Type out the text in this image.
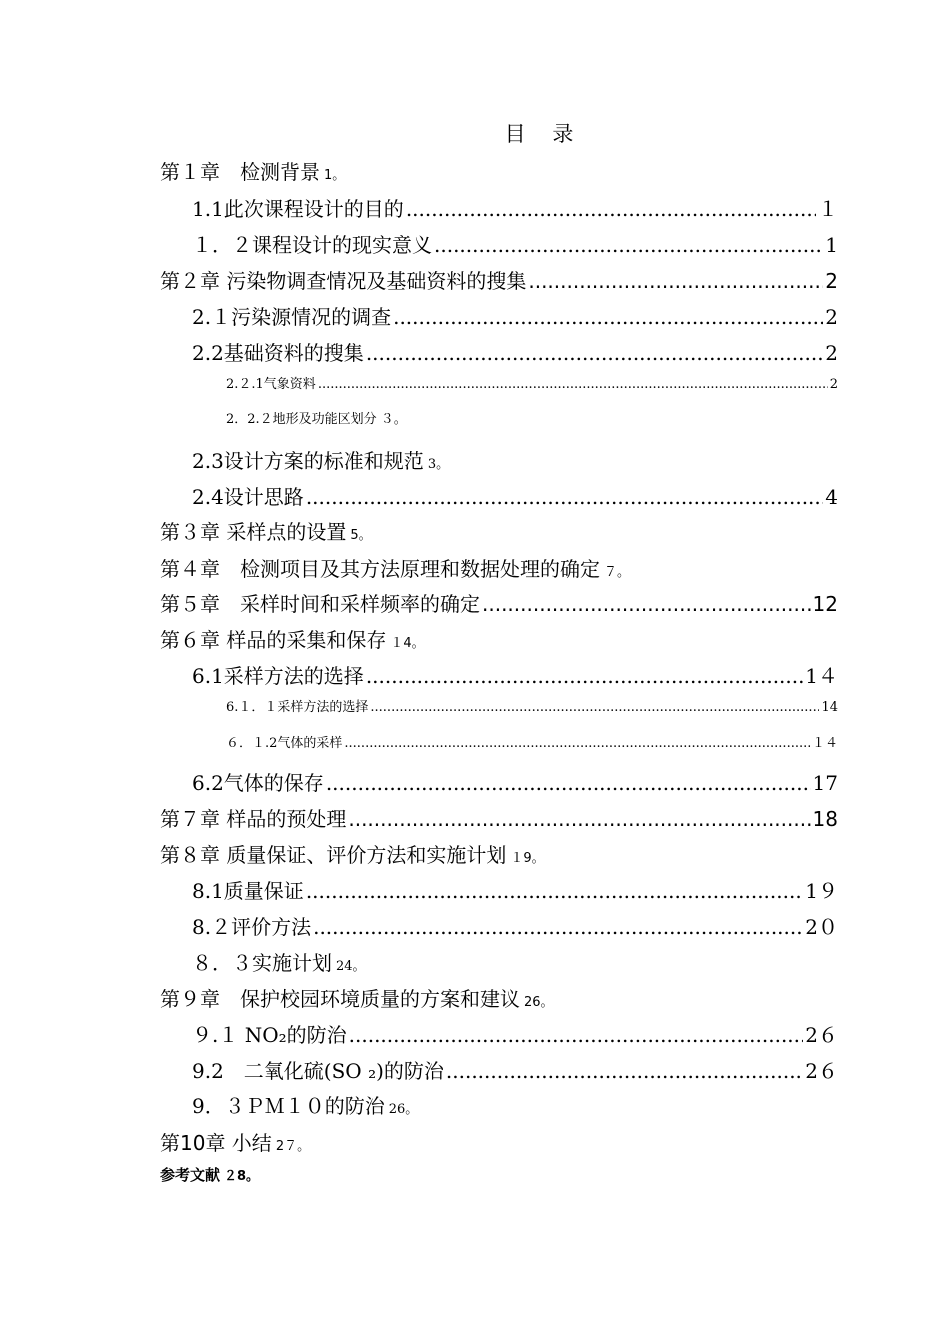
目 录
第１章　检测背景 1。
1.1此次课程设计的目的 .....	１
１．２课程设计的现实意义 .....	1
第２章 污染物调查情况及基础资料的搜集 .....	2
2.１污染源情况的调查 .....	2
2.2基础资料的搜集 .....	2
2.２.1气象资料 .....	2
2．2.２地形及功能区划分 ３。
2.3设计方案的标准和规范 3。
2.4设计思路 .....	4
第３章 采样点的设置 5。
第４章　检测项目及其方法原理和数据处理的确定 ７。
第５章　采样时间和采样频率的确定 .....	12
第６章 样品的采集和保存 １4。
6.1采样方法的选择 .....	1４
6.１．１采样方法的选择 .....	14
６．１.2气体的采样 .....	１４
6.2气体的保存 .....	17
第７章 样品的预处理 .....	18
第８章 质量保证、评价方法和实施计划 １9。
8.1质量保证 .....	1９
8.２评价方法 .....	2０
８．３实施计划 24。
第９章　保护校园环境质量的方案和建议 26。
９.１ NO₂的防治 .....	2６
9.2　二氧化硫(SO ₂)的防治 .....	2６
9．３ＰＭ１０的防治 26。
第10章 小结 2７。
参考文献 ２8。
